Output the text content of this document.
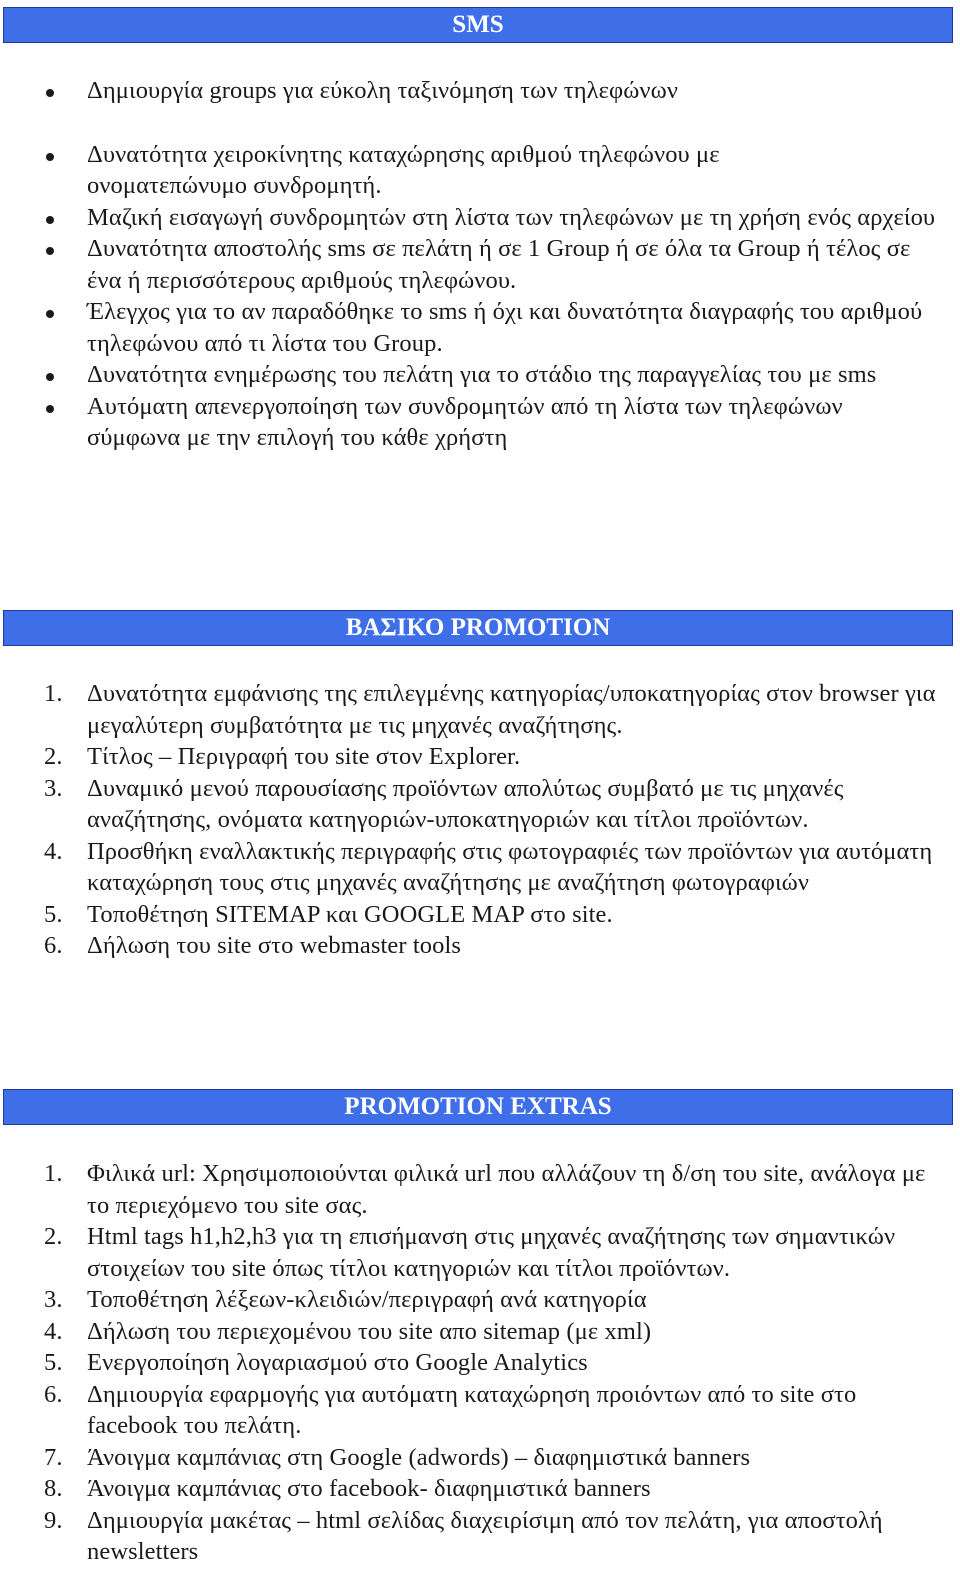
SMS
Δημιουργία groups για εύκολη ταξινόμηση των τηλεφώνων
Δυνατότητα χειροκίνητης καταχώρησης αριθμού τηλεφώνου με ονοματεπώνυμο συνδρομητή.
Μαζική εισαγωγή συνδρομητών στη λίστα των τηλεφώνων με τη χρήση ενός αρχείου
Δυνατότητα αποστολής sms σε πελάτη ή σε 1 Group ή σε όλα τα Group ή τέλος σε ένα ή περισσότερους αριθμούς τηλεφώνου.
Έλεγχος για το αν παραδόθηκε το sms ή όχι και δυνατότητα διαγραφής του αριθμού τηλεφώνου από τι λίστα του Group.
Δυνατότητα ενημέρωσης του πελάτη για το στάδιο της παραγγελίας του με sms
Αυτόματη απενεργοποίηση των συνδρομητών από τη λίστα των τηλεφώνων σύμφωνα με την επιλογή του κάθε χρήστη
ΒΑΣΙΚΟ PROMOTION
1. Δυνατότητα εμφάνισης της επιλεγμένης κατηγορίας/υποκατηγορίας στον browser για μεγαλύτερη συμβατότητα με τις μηχανές αναζήτησης.
2. Τίτλος – Περιγραφή του site στον Explorer.
3. Δυναμικό μενού παρουσίασης προϊόντων απολύτως συμβατό με τις μηχανές αναζήτησης, ονόματα κατηγοριών-υποκατηγοριών και τίτλοι προϊόντων.
4. Προσθήκη εναλλακτικής περιγραφής στις φωτογραφιές των προϊόντων για αυτόματη καταχώρηση τους στις μηχανές αναζήτησης με αναζήτηση φωτογραφιών
5. Τοποθέτηση SITEMAP και GOOGLE MAP στο site.
6. Δήλωση του site στο webmaster tools
PROMOTION EXTRAS
1. Φιλικά url: Χρησιμοποιούνται φιλικά url που αλλάζουν τη δ/ση του site, ανάλογα με το περιεχόμενο του site σας.
2. Html tags h1,h2,h3 για τη επισήμανση στις μηχανές αναζήτησης των σημαντικών στοιχείων του site όπως τίτλοι κατηγοριών και τίτλοι προϊόντων.
3. Τοποθέτηση λέξεων-κλειδιών/περιγραφή ανά κατηγορία
4. Δήλωση του περιεχομένου του site απο sitemap (με xml)
5. Ενεργοποίηση λογαριασμού στο Google Analytics
6. Δημιουργία εφαρμογής για αυτόματη καταχώρηση προιόντων από το site στο facebook του πελάτη.
7. Άνοιγμα καμπάνιας στη Google (adwords) – διαφημιστικά banners
8. Άνοιγμα καμπάνιας στο facebook- διαφημιστικά banners
9. Δημιουργία μακέτας – html σελίδας διαχειρίσιμη από τον πελάτη, για αποστολή newsletters
